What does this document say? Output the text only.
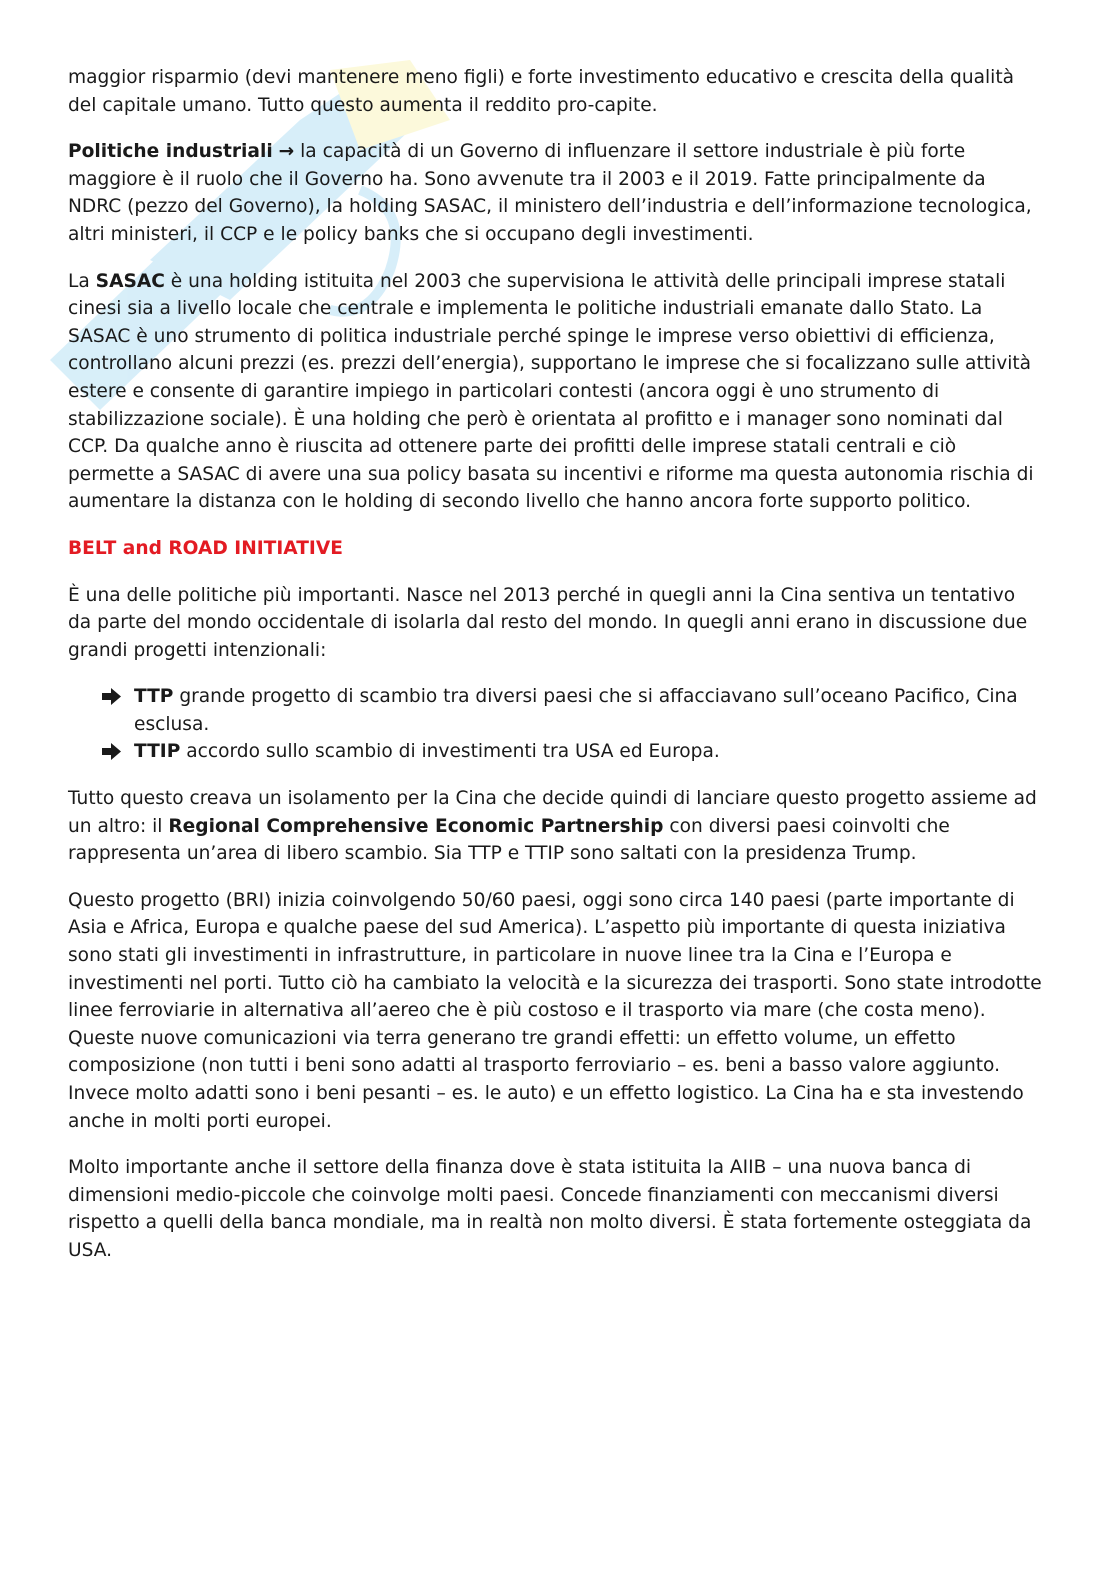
maggior risparmio (devi mantenere meno figli) e forte investimento educativo e crescita della qualità del capitale umano. Tutto questo aumenta il reddito pro-capite.

Politiche industriali → la capacità di un Governo di influenzare il settore industriale è più forte maggiore è il ruolo che il Governo ha. Sono avvenute tra il 2003 e il 2019. Fatte principalmente da NDRC (pezzo del Governo), la holding SASAC, il ministero dell’industria e dell’informazione tecnologica, altri ministeri, il CCP e le policy banks che si occupano degli investimenti.

La SASAC è una holding istituita nel 2003 che supervisiona le attività delle principali imprese statali cinesi sia a livello locale che centrale e implementa le politiche industriali emanate dallo Stato. La SASAC è uno strumento di politica industriale perché spinge le imprese verso obiettivi di efficienza, controllano alcuni prezzi (es. prezzi dell’energia), supportano le imprese che si focalizzano sulle attività estere e consente di garantire impiego in particolari contesti (ancora oggi è uno strumento di stabilizzazione sociale). È una holding che però è orientata al profitto e i manager sono nominati dal CCP. Da qualche anno è riuscita ad ottenere parte dei profitti delle imprese statali centrali e ciò permette a SASAC di avere una sua policy basata su incentivi e riforme ma questa autonomia rischia di aumentare la distanza con le holding di secondo livello che hanno ancora forte supporto politico.

BELT and ROAD INITIATIVE

È una delle politiche più importanti. Nasce nel 2013 perché in quegli anni la Cina sentiva un tentativo da parte del mondo occidentale di isolarla dal resto del mondo. In quegli anni erano in discussione due grandi progetti intenzionali:

TTP grande progetto di scambio tra diversi paesi che si affacciavano sull’oceano Pacifico, Cina esclusa.
TTIP accordo sullo scambio di investimenti tra USA ed Europa.

Tutto questo creava un isolamento per la Cina che decide quindi di lanciare questo progetto assieme ad un altro: il Regional Comprehensive Economic Partnership con diversi paesi coinvolti che rappresenta un’area di libero scambio. Sia TTP e TTIP sono saltati con la presidenza Trump.

Questo progetto (BRI) inizia coinvolgendo 50/60 paesi, oggi sono circa 140 paesi (parte importante di Asia e Africa, Europa e qualche paese del sud America). L’aspetto più importante di questa iniziativa sono stati gli investimenti in infrastrutture, in particolare in nuove linee tra la Cina e l’Europa e investimenti nel porti. Tutto ciò ha cambiato la velocità e la sicurezza dei trasporti. Sono state introdotte linee ferroviarie in alternativa all’aereo che è più costoso e il trasporto via mare (che costa meno). Queste nuove comunicazioni via terra generano tre grandi effetti: un effetto volume, un effetto composizione (non tutti i beni sono adatti al trasporto ferroviario – es. beni a basso valore aggiunto. Invece molto adatti sono i beni pesanti – es. le auto) e un effetto logistico. La Cina ha e sta investendo anche in molti porti europei.

Molto importante anche il settore della finanza dove è stata istituita la AIIB – una nuova banca di dimensioni medio-piccole che coinvolge molti paesi. Concede finanziamenti con meccanismi diversi rispetto a quelli della banca mondiale, ma in realtà non molto diversi. È stata fortemente osteggiata da USA.
